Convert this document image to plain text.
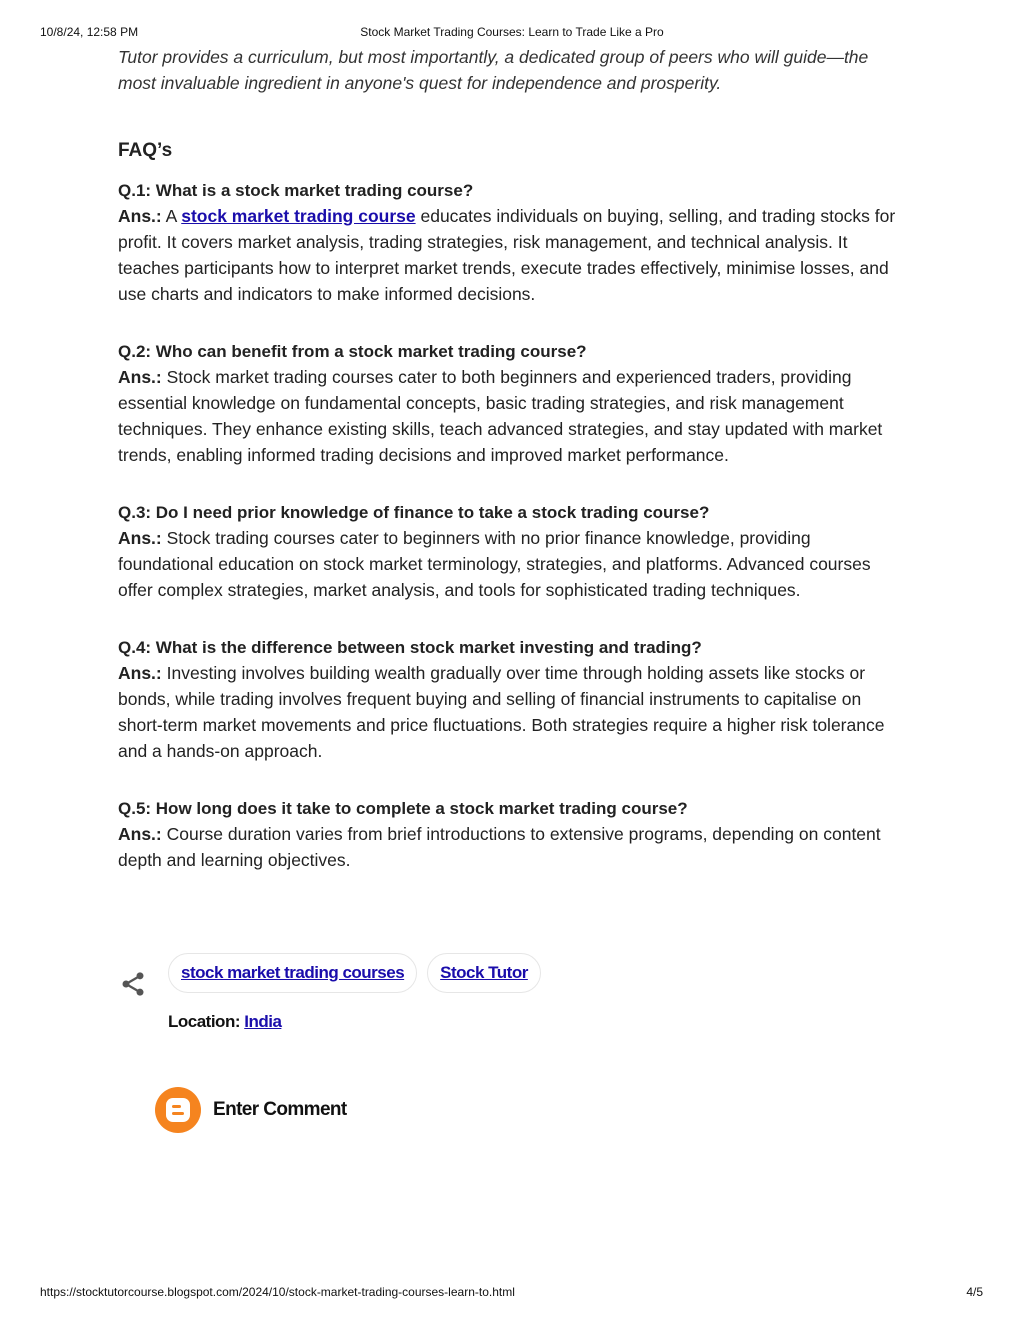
10/8/24, 12:58 PM	Stock Market Trading Courses: Learn to Trade Like a Pro

Tutor provides a curriculum, but most importantly, a dedicated group of peers who will guide—the most invaluable ingredient in anyone's quest for independence and prosperity.

FAQ’s

Q.1: What is a stock market trading course?

Ans.: A stock market trading course educates individuals on buying, selling, and trading stocks for profit. It covers market analysis, trading strategies, risk management, and technical analysis. It teaches participants how to interpret market trends, execute trades effectively, minimise losses, and use charts and indicators to make informed decisions.

Q.2: Who can benefit from a stock market trading course?

Ans.: Stock market trading courses cater to both beginners and experienced traders, providing essential knowledge on fundamental concepts, basic trading strategies, and risk management techniques. They enhance existing skills, teach advanced strategies, and stay updated with market trends, enabling informed trading decisions and improved market performance.

Q.3: Do I need prior knowledge of finance to take a stock trading course?

Ans.: Stock trading courses cater to beginners with no prior finance knowledge, providing foundational education on stock market terminology, strategies, and platforms. Advanced courses offer complex strategies, market analysis, and tools for sophisticated trading techniques.

Q.4: What is the difference between stock market investing and trading?

Ans.: Investing involves building wealth gradually over time through holding assets like stocks or bonds, while trading involves frequent buying and selling of financial instruments to capitalise on short-term market movements and price fluctuations. Both strategies require a higher risk tolerance and a hands-on approach.

Q.5: How long does it take to complete a stock market trading course?

Ans.: Course duration varies from brief introductions to extensive programs, depending on content depth and learning objectives.

stock market trading courses	Stock Tutor
Location: India
Enter Comment
https://stocktutorcourse.blogspot.com/2024/10/stock-market-trading-courses-learn-to.html	4/5
